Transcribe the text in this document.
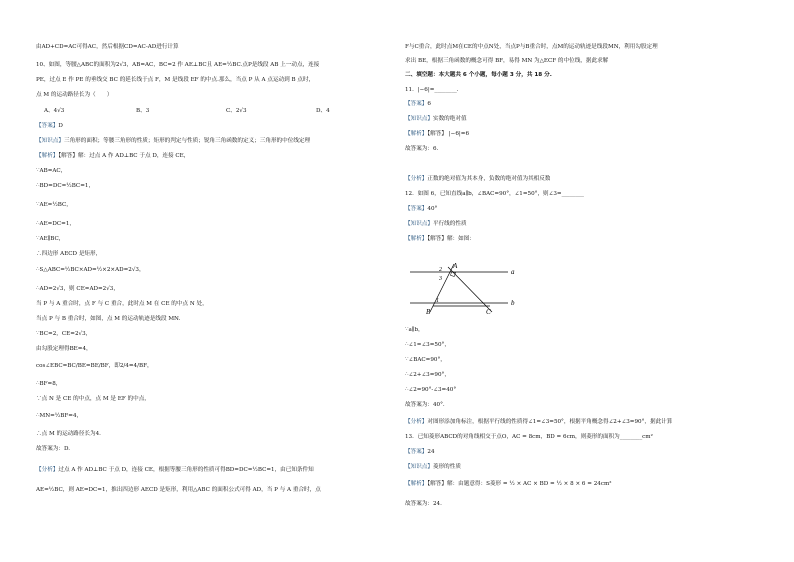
由AD+CD=AC可得AC，然后根据CD=AC-AD进行计算
10、如图，等腰△ABC的面积为2√3，AB=AC，BC=2 作 AE⊥BC且 AE=½BC.点P是线段 AB 上一动点，连接
PE，过点 E 作 PE 的垂线交 BC 的延长线于点 F，M 是线段 EF 的中点.那么，当点 P 从 A 点运动到 B 点时，
点 M 的运动路径长为（　　）
【答案】D
【知识点】三角形的面积；等腰三角形的性质；矩形的判定与性质；锐角三角函数的定义；三角形的中位线定理
【解析】【解答】解：过点 A 作 AD⊥BC 于点 D，连接 CE，
∵AB=AC，
∴BD=DC=½BC=1，
∵AE=½BC，
∴AE=DC=1，
∵AE∥BC，
∴四边形 AECD 是矩形，
∴S△ABC=½BC×AD=½×2×AD=2√3，
∴AD=2√3，则 CE=AD=2√3，
当 P 与 A 重合时，点 F 与 C 重合，此时点 M 在 CE 的中点 N 处，
当点 P 与 B 重合时，如图，点 M 的运动轨迹是线段 MN.
∵BC=2，CE=2√3，
由勾股定理得BE=4，
cos∠EBC=BC/BE=BE/BF，即2/4=4/BF，
∴BF=8，
∵点 N 是 CE 的中点，点 M 是 EF 的中点，
∴MN=½BF=4，
∴点 M 的运动路径长为4.
故答案为：D.
【分析】过点 A 作 AD⊥BC 于点 D，连接 CE，根据等腰三角形的性质可得BD=DC=½BC=1，由已知条件知
AE=½BC，则 AE=DC=1，推出四边形 AECD 是矩形，利用△ABC 的面积公式可得 AD，当 P 与 A 重合时，点
F与C重合，此时点M在CE的中点N处，当点P与B重合时，点M的运动轨迹是线段MN，利用勾股定理
求出 BE，根据三角函数的概念可得 BF，易得 MN 为△ECF 的中位线，据此求解
二、填空题：本大题共 6 个小题，每小题 3 分，共 18 分.
11．|−6|=________.
【答案】6
【知识点】实数的绝对值
【解析】【解答】 |−6|=6
故答案为：6.
【分析】正数的绝对值为其本身，负数的绝对值为其相反数
12．如图 6，已知直线a∥b，∠BAC=90°，∠1=50°，则∠3=________
【答案】40°
【知识点】平行线的性质
【解析】【解答】解：如图：
∵a∥b，
∴∠1=∠3=50°，
∵∠BAC=90°，
∴∠2+∠3=90°，
∴∠2=90°-∠3=40°
故答案为：40°.
【分析】对图形添加角标注，根据平行线的性质得∠1=∠3=50°，根据平角概念得∠2+∠3=90°，据此计算
13．已知菱形ABCD的对角线相交于点O，AC = 8cm，BD = 6cm，则菱形的面积为________cm²
【答案】24
【知识点】菱形的性质
【解析】【解答】解：由题意得：S菱形 = ½ × AC × BD = ½ × 8 × 6 = 24cm²
故答案为：24.
A、4√3	B、3	C、2√3	D、4
a
b
A
B	C
1
2
3
